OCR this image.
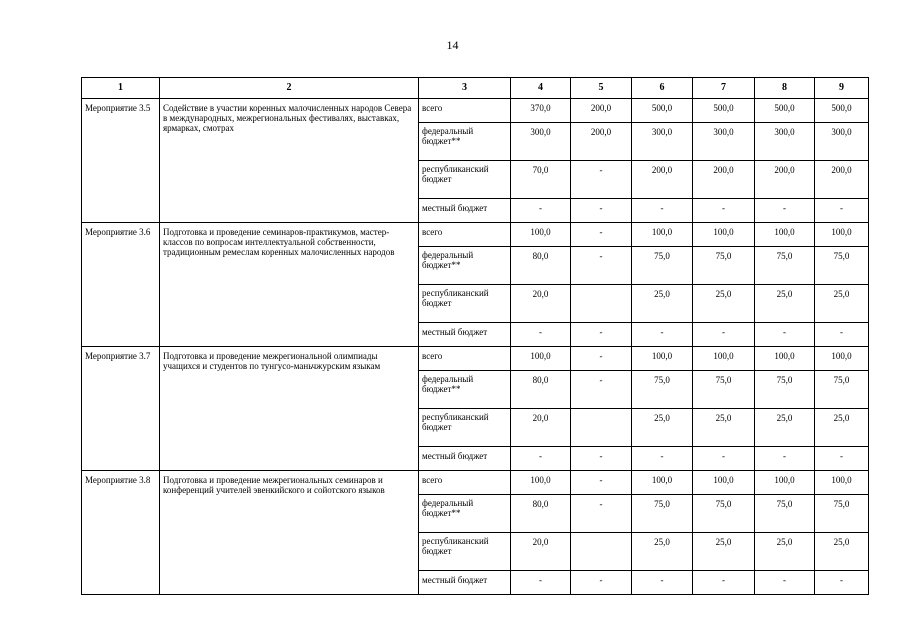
14
1	2	3	4	5	6	7	8	9
Мероприятие 3.5	Содействие в участии коренных малочисленных народов Севера в международных, межрегиональных фестивалях, выставках, ярмарках, смотрах	всего	370,0	200,0	500,0	500,0	500,0	500,0
		федеральный бюджет**	300,0	200,0	300,0	300,0	300,0	300,0
		республиканский бюджет	70,0	-	200,0	200,0	200,0	200,0
		местный бюджет	-	-	-	-	-	-
Мероприятие 3.6	Подготовка и проведение семинаров-практикумов, мастер-классов по вопросам интеллектуальной собственности, традиционным ремеслам коренных малочисленных народов	всего	100,0	-	100,0	100,0	100,0	100,0
		федеральный бюджет**	80,0	-	75,0	75,0	75,0	75,0
		республиканский бюджет	20,0		25,0	25,0	25,0	25,0
		местный бюджет	-	-	-	-	-	-
Мероприятие 3.7	Подготовка и проведение межрегиональной олимпиады учащихся и студентов по тунгусо-маньчжурским языкам	всего	100,0	-	100,0	100,0	100,0	100,0
		федеральный бюджет**	80,0	-	75,0	75,0	75,0	75,0
		республиканский бюджет	20,0		25,0	25,0	25,0	25,0
		местный бюджет	-	-	-	-	-	-
Мероприятие 3.8	Подготовка и проведение межрегиональных семинаров и конференций учителей эвенкийского и сойотского языков	всего	100,0	-	100,0	100,0	100,0	100,0
		федеральный бюджет**	80,0	-	75,0	75,0	75,0	75,0
		республиканский бюджет	20,0		25,0	25,0	25,0	25,0
		местный бюджет	-	-	-	-	-	-
